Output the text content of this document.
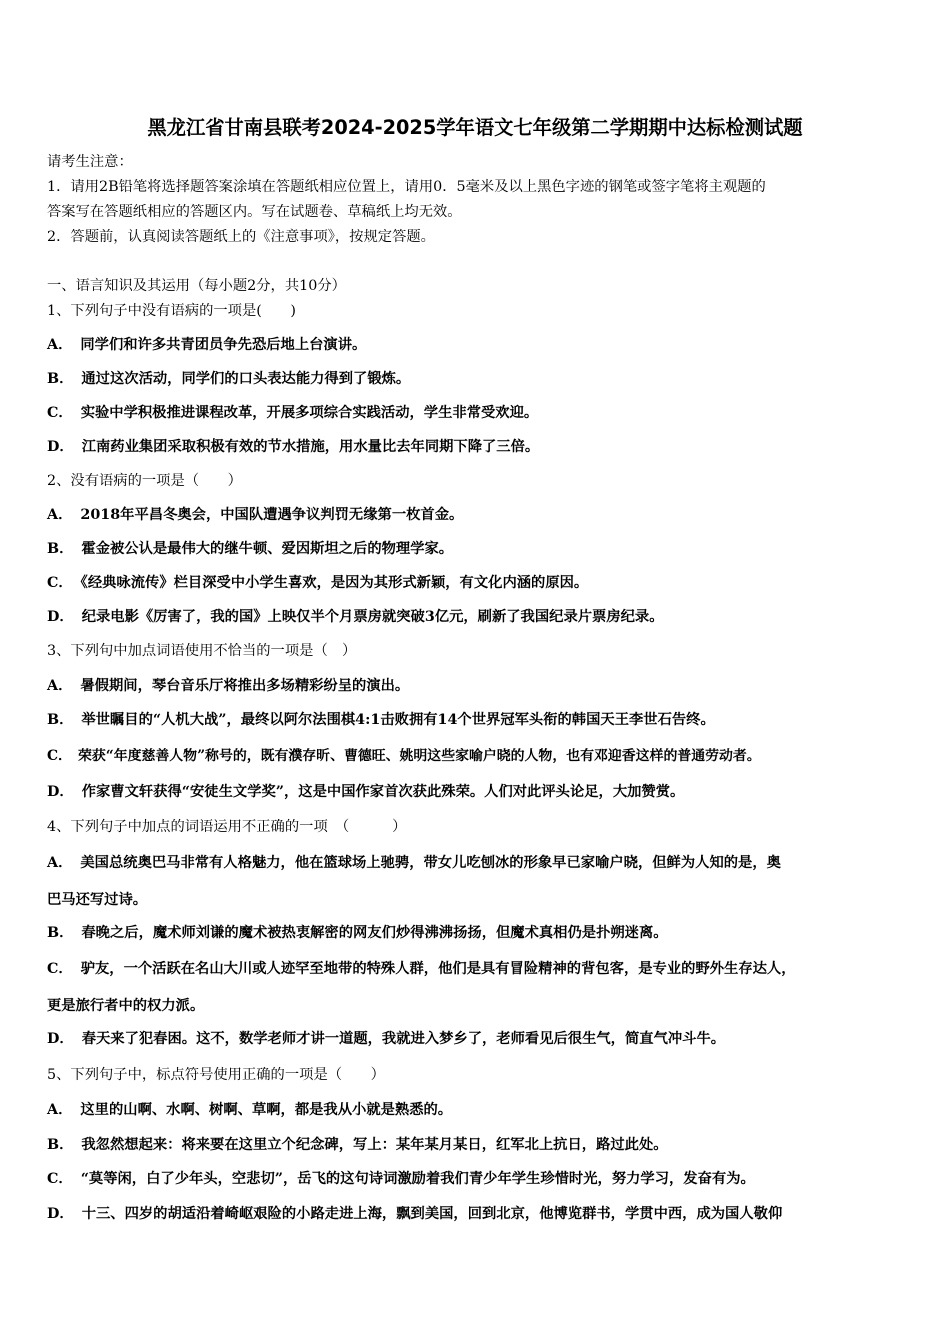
黑龙江省甘南县联考2024-2025学年语文七年级第二学期期中达标检测试题
请考生注意：
1．请用2B铅笔将选择题答案涂填在答题纸相应位置上，请用0．5毫米及以上黑色字迹的钢笔或签字笔将主观题的
答案写在答题纸相应的答题区内。写在试题卷、草稿纸上均无效。
2．答题前，认真阅读答题纸上的《注意事项》，按规定答题。
一、语言知识及其运用（每小题2分，共10分）
1、下列句子中没有语病的一项是(　　)
A． 同学们和许多共青团员争先恐后地上台演讲。
B． 通过这次活动，同学们的口头表达能力得到了锻炼。
C． 实验中学积极推进课程改革，开展多项综合实践活动，学生非常受欢迎。
D． 江南药业集团采取积极有效的节水措施，用水量比去年同期下降了三倍。
2、没有语病的一项是（　　）
A． 2018年平昌冬奥会，中国队遭遇争议判罚无缘第一枚首金。
B． 霍金被公认是最伟大的继牛顿、爱因斯坦之后的物理学家。
C． 《经典咏流传》栏目深受中小学生喜欢，是因为其形式新颖，有文化内涵的原因。
D． 纪录电影《厉害了，我的国》上映仅半个月票房就突破3亿元，刷新了我国纪录片票房纪录。
3、下列句中加点词语使用不恰当的一项是（　）
A． 暑假期间，琴台音乐厅将推出多场精彩纷呈的演出。
B． 举世瞩目的“人机大战”，最终以阿尔法围棋4:1击败拥有14个世界冠军头衔的韩国天王李世石告终。
C． 荣获“年度慈善人物”称号的，既有濮存昕、曹德旺、姚明这些家喻户晓的人物，也有邓迎香这样的普通劳动者。
D． 作家曹文轩获得“安徒生文学奖”，这是中国作家首次获此殊荣。人们对此评头论足，大加赞赏。
4、下列句子中加点的词语运用不正确的一项　（　　　）
A． 美国总统奥巴马非常有人格魅力，他在篮球场上驰骋，带女儿吃刨冰的形象早已家喻户晓，但鲜为人知的是，奥
巴马还写过诗。
B． 春晚之后，魔术师刘谦的魔术被热衷解密的网友们炒得沸沸扬扬，但魔术真相仍是扑朔迷离。
C． 驴友，一个活跃在名山大川或人迹罕至地带的特殊人群，他们是具有冒险精神的背包客，是专业的野外生存达人，
更是旅行者中的权力派。
D． 春天来了犯春困。这不，数学老师才讲一道题，我就进入梦乡了，老师看见后很生气，简直气冲斗牛。
5、下列句子中，标点符号使用正确的一项是（　　）
A． 这里的山啊、水啊、树啊、草啊，都是我从小就是熟悉的。
B． 我忽然想起来：将来要在这里立个纪念碑，写上：某年某月某日，红军北上抗日，路过此处。
C． “莫等闲，白了少年头，空悲切”，岳飞的这句诗词激励着我们青少年学生珍惜时光，努力学习，发奋有为。
D． 十三、四岁的胡适沿着崎岖艰险的小路走进上海，飘到美国，回到北京，他博览群书，学贯中西，成为国人敬仰
